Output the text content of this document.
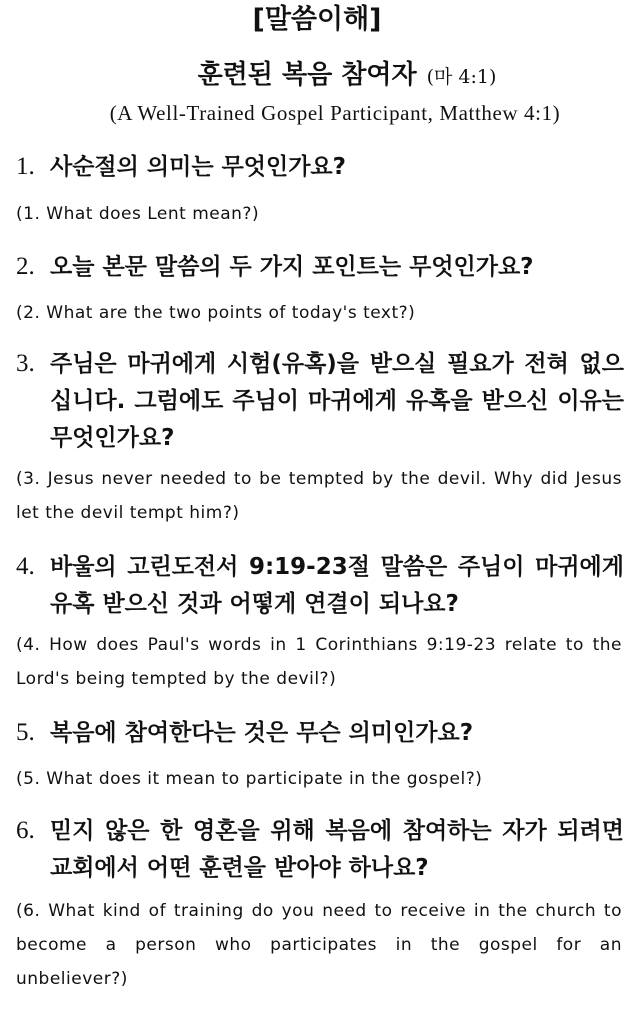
[말씀이해]
훈련된 복음 참여자 (마 4:1)
(A Well-Trained Gospel Participant, Matthew 4:1)
1. 사순절의 의미는 무엇인가요?
(1. What does Lent mean?)
2. 오늘 본문 말씀의 두 가지 포인트는 무엇인가요?
(2. What are the two points of today's text?)
3. 주님은 마귀에게 시험(유혹)을 받으실 필요가 전혀 없으십니다. 그럼에도 주님이 마귀에게 유혹을 받으신 이유는 무엇인가요?
(3. Jesus never needed to be tempted by the devil. Why did Jesus let the devil tempt him?)
4. 바울의 고린도전서 9:19-23절 말씀은 주님이 마귀에게 유혹 받으신 것과 어떻게 연결이 되나요?
(4. How does Paul's words in 1 Corinthians 9:19-23 relate to the Lord's being tempted by the devil?)
5. 복음에 참여한다는 것은 무슨 의미인가요?
(5. What does it mean to participate in the gospel?)
6. 믿지 않은 한 영혼을 위해 복음에 참여하는 자가 되려면 교회에서 어떤 훈련을 받아야 하나요?
(6. What kind of training do you need to receive in the church to become a person who participates in the gospel for an unbeliever?)
